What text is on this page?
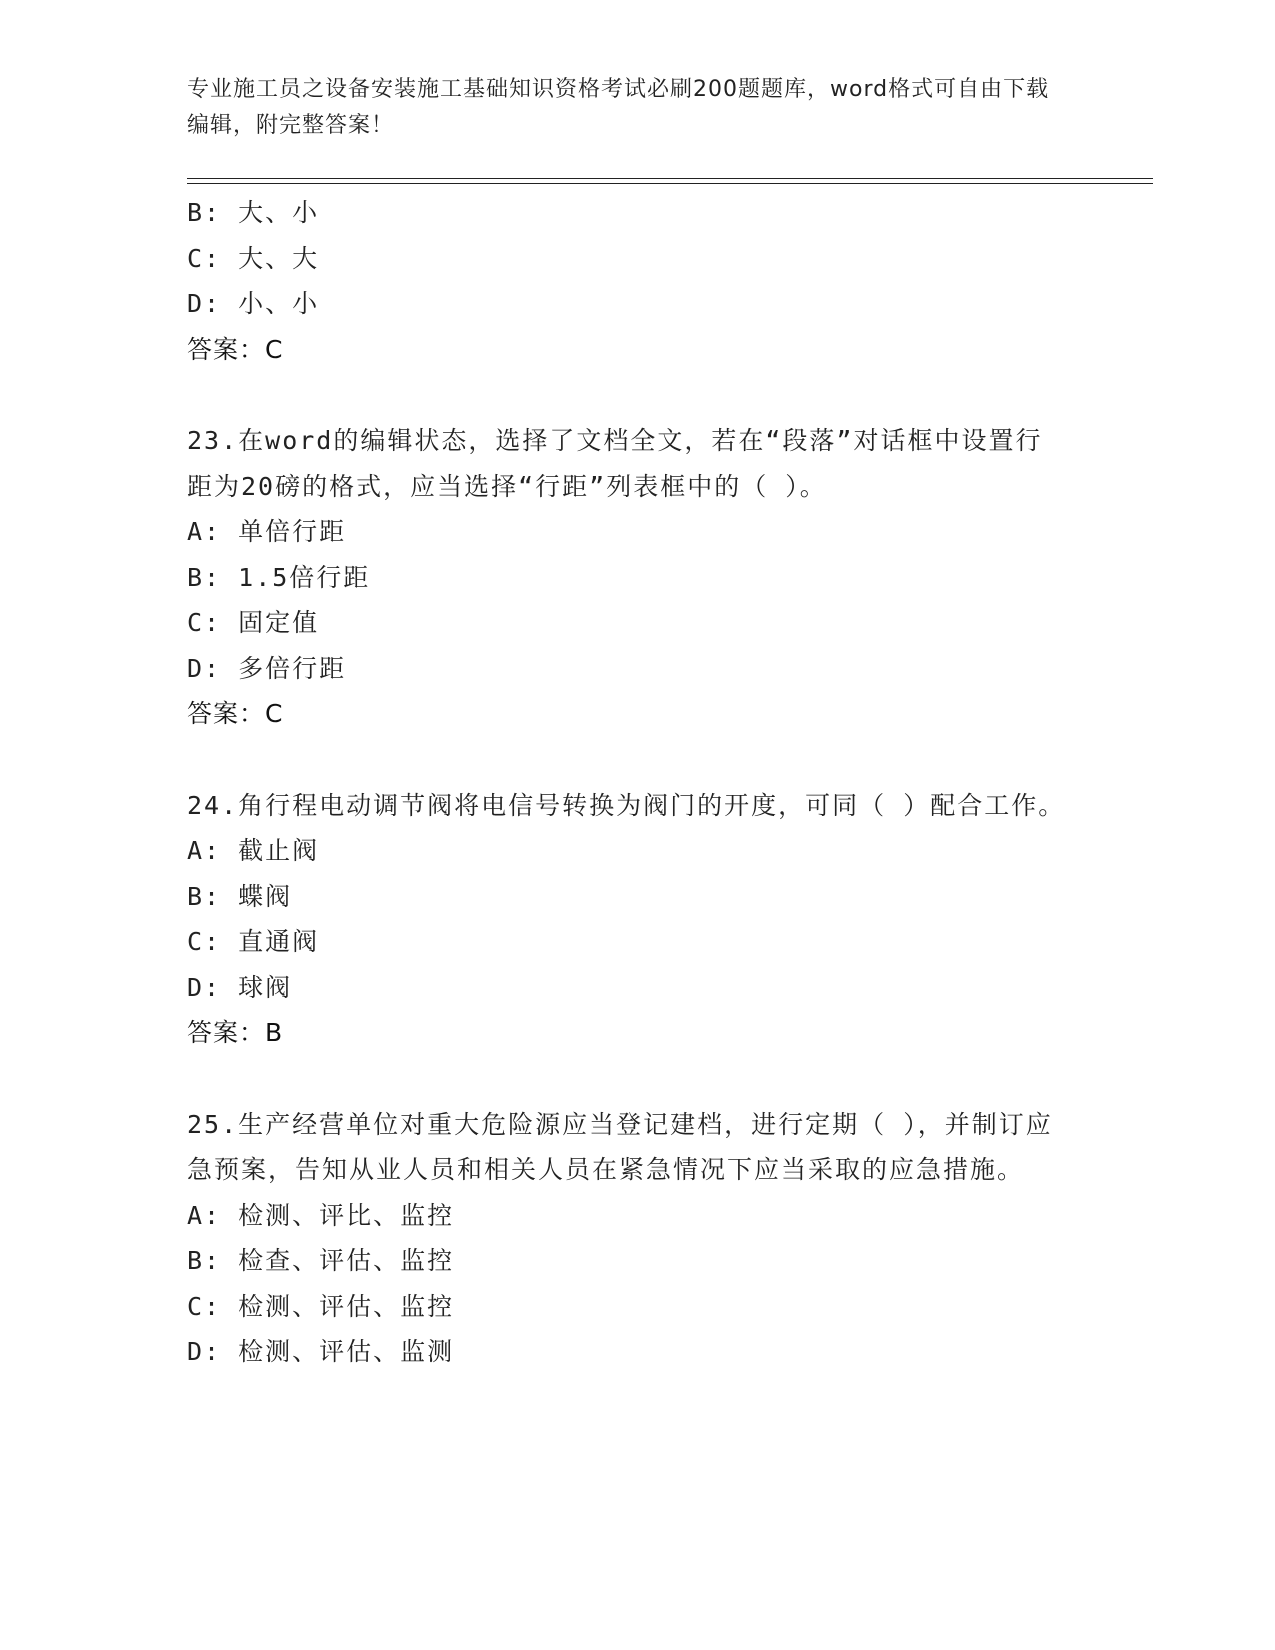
专业施工员之设备安装施工基础知识资格考试必刷200题题库，word格式可自由下载编辑，附完整答案！
B: 大、小
C: 大、大
D: 小、小
答案：C
23.在word的编辑状态，选择了文档全文，若在“段落”对话框中设置行距为20磅的格式，应当选择“行距”列表框中的（ ）。
A: 单倍行距
B: 1.5倍行距
C: 固定值
D: 多倍行距
答案：C
24.角行程电动调节阀将电信号转换为阀门的开度，可同（ ）配合工作。
A: 截止阀
B: 蝶阀
C: 直通阀
D: 球阀
答案：B
25.生产经营单位对重大危险源应当登记建档，进行定期（ ），并制订应急预案，告知从业人员和相关人员在紧急情况下应当采取的应急措施。
A: 检测、评比、监控
B: 检查、评估、监控
C: 检测、评估、监控
D: 检测、评估、监测
